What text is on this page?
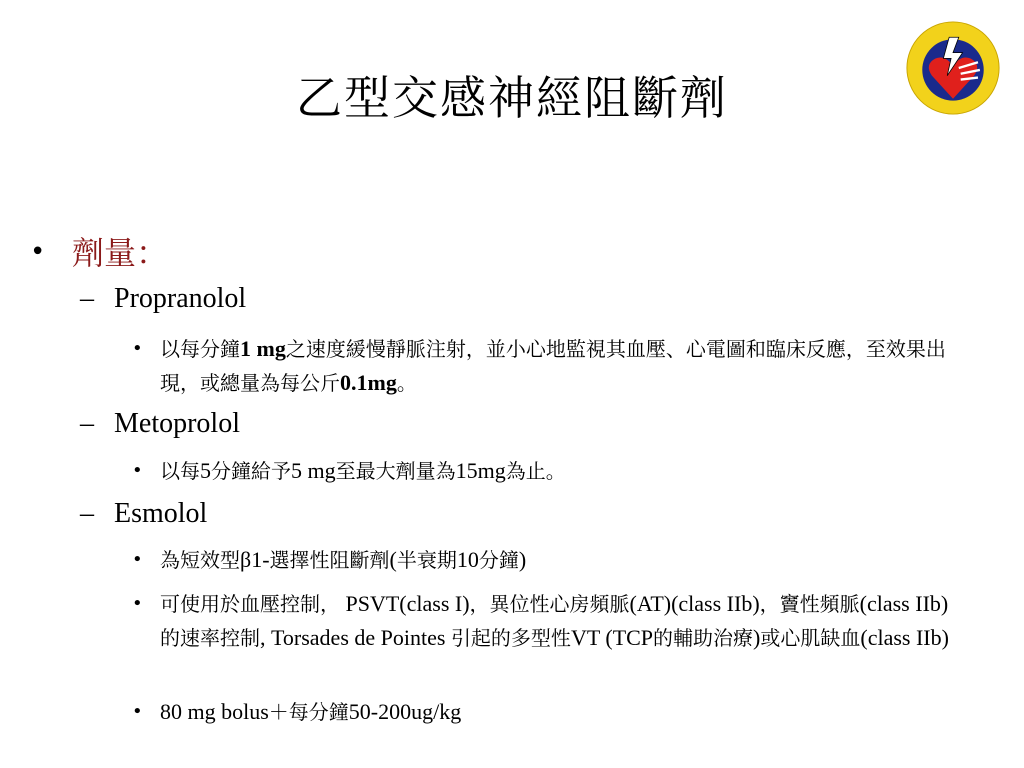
乙型交感神經阻斷劑
• 劑量：
– Propranolol
• 以每分鐘1 mg之速度緩慢靜脈注射，並小心地監視其血壓、心電圖和臨床反應，至效果出現，或總量為每公斤0.1mg。
– Metoprolol
• 以每5分鐘給予5 mg至最大劑量為15mg為止。
– Esmolol
• 為短效型β1-選擇性阻斷劑(半衰期10分鐘)
• 可使用於血壓控制， PSVT(class I)，異位性心房頻脈(AT)(class IIb)，竇性頻脈(class IIb)的速率控制, Torsades de Pointes 引起的多型性VT (TCP的輔助治療)或心肌缺血(class IIb)
• 80 mg bolus＋每分鐘50-200ug/kg
